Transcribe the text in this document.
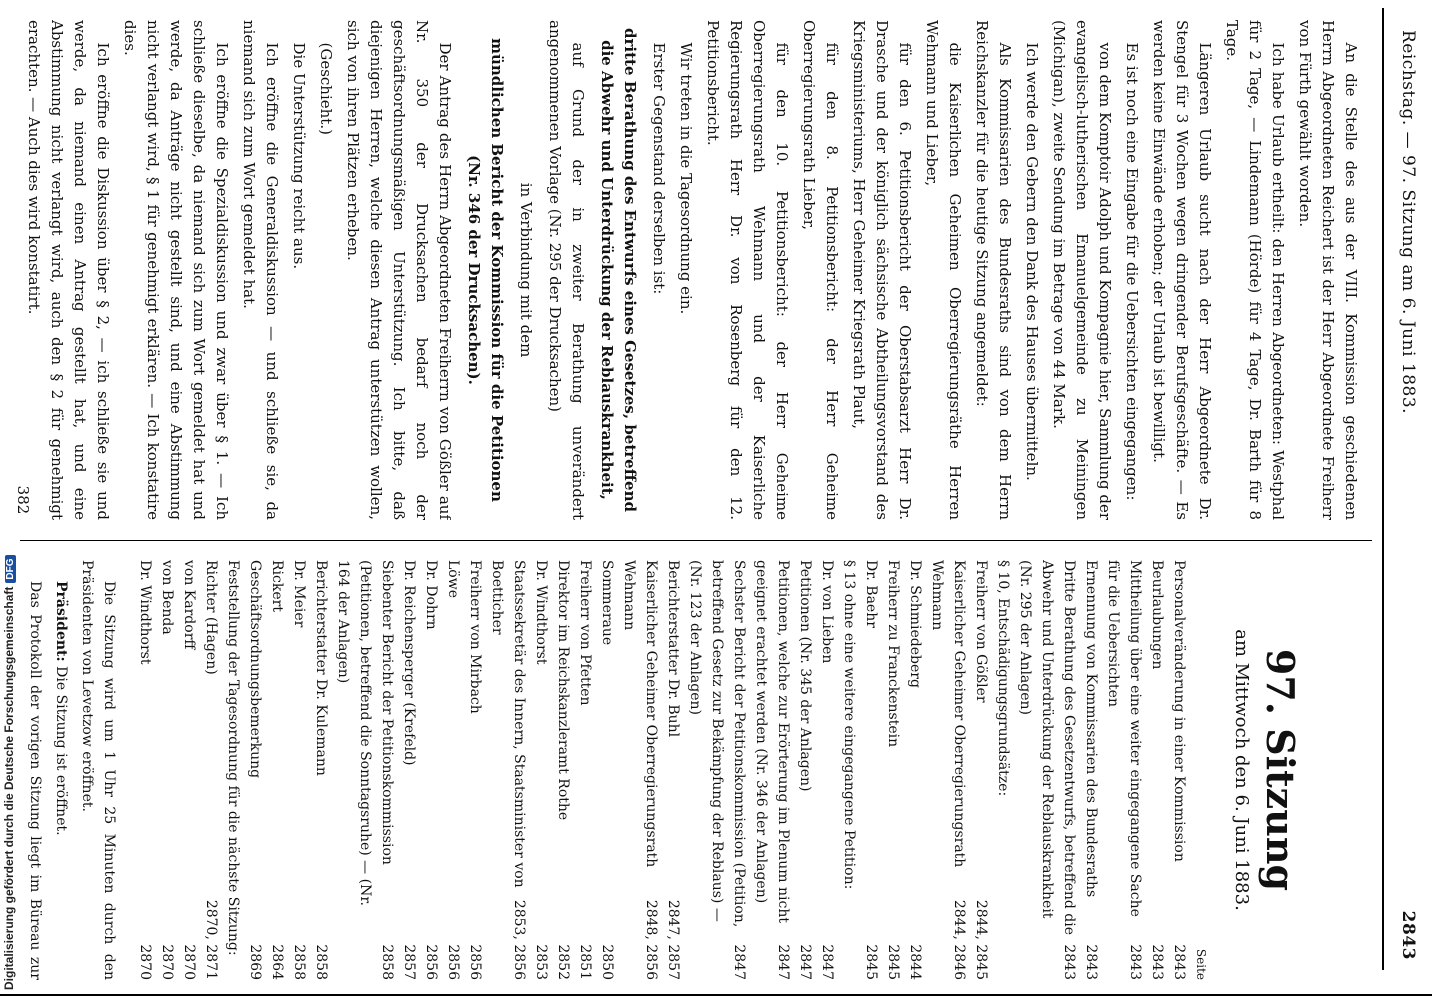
Reichstag. — 97. Sitzung am 6. Juni 1883.
2843

An die Stelle des aus der VIII. Kommission geschiedenen Herrn Abgeordneten Reichert ist der Herr Abgeordnete Freiherr von Fürth gewählt worden.

Ich habe Urlaub ertheilt: den Herren Abgeordneten: Westphal für 2 Tage, — Lindemann (Hörde) für 4 Tage, Dr. Barth für 8 Tage.

Längeren Urlaub sucht nach der Herr Abgeordnete Dr. Stengel für 3 Wochen wegen dringender Berufsgeschäfte. — Es werden keine Einwände erhoben; der Urlaub ist bewilligt.

Es ist noch eine Eingabe für die Uebersichten eingegangen:

von dem Komptoir Adolph und Kompagnie hier, Sammlung der evangelisch-lutherischen Emanuelgemeinde zu Meiningen (Michigan), zweite Sendung im Betrage von 44 Mark.

Ich werde den Gebern den Dank des Hauses übermitteln.

Als Kommissarien des Bundesraths sind von dem Herrn Reichskanzler für die heutige Sitzung angemeldet:

die Kaiserlichen Geheimen Oberregierungsräthe Herren Wehmann und Lieber,

für den 6. Petitionsbericht der Oberstabsarzt Herr Dr. Drasche und der königlich sächsische Abtheilungsvorstand des Kriegsministeriums, Herr Geheimer Kriegsrath Plaut,

für den 8. Petitionsbericht: der Herr Geheime Oberregierungsrath Lieber,

für den 10. Petitionsbericht: der Herr Geheime Oberregierungsrath Wehmann und der Kaiserliche Regierungsrath Herr Dr. von Rosenberg für den 12. Petitionsbericht.

Wir treten in die Tagesordnung ein.

Erster Gegenstand derselben ist:

dritte Berathung des Entwurfs eines Gesetzes, betreffend die Abwehr und Unterdrückung der Reblauskrankheit,

auf Grund der in zweiter Berathung unverändert angenommenen Vorlage (Nr. 295 der Drucksachen)

in Verbindung mit dem

mündlichen Bericht der Kommission für die Petitionen (Nr. 346 der Drucksachen).

Der Antrag des Herrn Abgeordneten Freiherrn von Gößler auf Nr. 350 der Drucksachen bedarf noch der geschäftsordnungsmäßigen Unterstützung. Ich bitte, daß diejenigen Herren, welche diesen Antrag unterstützen wollen, sich von ihren Plätzen erheben.

(Geschieht.)

Die Unterstützung reicht aus.

Ich eröffne die Generaldiskussion — und schließe sie, da niemand sich zum Wort gemeldet hat.

Ich eröffne die Spezialdiskussion und zwar über § 1. — Ich schließe dieselbe, da niemand sich zum Wort gemeldet hat und werde, da Anträge nicht gestellt sind, und eine Abstimmung nicht verlangt wird, § 1 für genehmigt erklären. — Ich konstatire dies.

Ich eröffne die Diskussion über § 2, — ich schließe sie und werde, da niemand einen Antrag gestellt hat, und eine Abstimmung nicht verlangt wird, auch den § 2 für genehmigt erachten. — Auch dies wird konstatirt.

97. Sitzung
am Mittwoch den 6. Juni 1883.
Seite
Personalveränderung in einer Kommission
2843
Beurlaubungen
2843
Mittheilung über eine weiter eingegangene Sache für die Uebersichten
2843
Ernennung von Kommissarien des Bundesraths
2843
Dritte Berathung des Gesetzentwurfs, betreffend die Abwehr und Unterdrückung der Reblauskrankheit (Nr. 295 der Anlagen)
2843
§ 10, Entschädigungsgrundsätze:
Freiherr von Gößler
2844, 2845
Kaiserlicher Geheimer Oberregierungsrath Wehmann
2844, 2846
Dr. Schmiedeberg
2844
Freiherr zu Franckenstein
2845
Dr. Baehr
2845
§ 13 ohne eine weitere eingegangene Petition:
Dr. von Lieben
2847
Petitionen (Nr. 345 der Anlagen)
2847
Petitionen, welche zur Erörterung im Plenum nicht geeignet erachtet werden (Nr. 346 der Anlagen)
2847
Sechster Bericht der Petitionskommission (Petition, betreffend Gesetz zur Bekämpfung der Reblaus) — (Nr. 123 der Anlagen)
2847
Berichterstatter Dr. Buhl
2847, 2857
Kaiserlicher Geheimer Oberregierungsrath Wehmann
2848, 2856
Sommeraue
2850
Freiherr von Pfetten
2851
Direktor im Reichskanzleramt Rothe
2852
Dr. Windthorst
2853
Staatssekretär des Innern, Staatsminister von Boetticher
2853, 2856
Freiherr von Mirbach
2856
Löwe
2856
Dr. Dohrn
2856
Dr. Reichensperger (Krefeld)
2857
Siebenter Bericht der Petitionskommission (Petitionen, betreffend die Sonntagsruhe) — (Nr. 164 der Anlagen)
2858
Berichterstatter Dr. Kulemann
2858
Dr. Meier
2858
Rickert
2864
Geschäftsordnungsbemerkung
2869
Feststellung der Tagesordnung für die nächste Sitzung:
Richter (Hagen)
2870, 2871
von Kardorff
2870
von Benda
2870
Dr. Windthorst
2870

Die Sitzung wird um 1 Uhr 25 Minuten durch den Präsidenten von Levetzow eröffnet.

Präsident: Die Sitzung ist eröffnet.

Das Protokoll der vorigen Sitzung liegt im Büreau zur

382
Digitalisierung gefördert durch die Deutsche ForschungsgemeinschaftDFG
